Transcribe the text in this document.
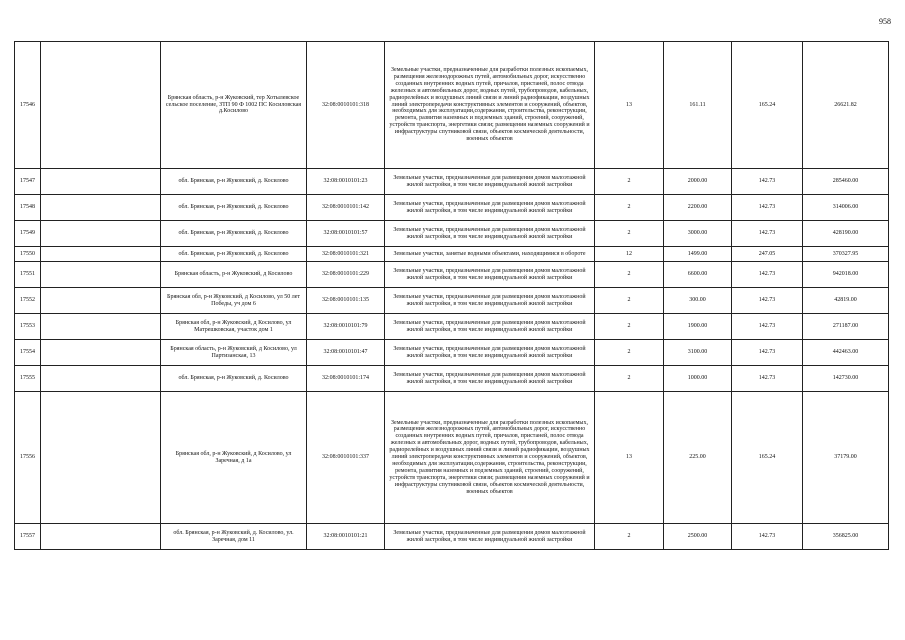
958
17546		Брянская область, р-н Жуковский, тер Хотылевское сельское поселение, ЗТП 90 Ф 1002 ПС Косиловская д.Косилово	32:08:0010101:318	Земельные участки, предназначенные для разработки полезных ископаемых, размещения железнодорожных путей, автомобильных дорог, искусственно созданных внутренних водных путей, причалов, пристаней, полос отвода железных и автомобильных дорог, водных путей, трубопроводов, кабельных, радиорелейных и воздушных линий связи и линий радиофикации, воздушных линий электропередачи конструктивных элементов и сооружений, объектов, необходимых для эксплуатации,содержания, строительства, реконструкции, ремонта, развития наземных и подземных зданий, строений, сооружений, устройств транспорта, энергетики связи; размещения наземных сооружений и инфраструктуры спутниковой связи, объектов космической деятельности, военных объектов	13	161.11	165.24	26621.82
17547		обл. Брянская, р-н Жуковский, д. Косилово	32:08:0010101:23	Земельные участки, предназначенные для размещения домов малоэтажной жилой застройки, в том числе индивидуальной жилой застройки	2	2000.00	142.73	285460.00
17548		обл. Брянская, р-н Жуковский, д. Косилово	32:08:0010101:142	Земельные участки, предназначенные для размещения домов малоэтажной жилой застройки, в том числе индивидуальной жилой застройки	2	2200.00	142.73	314006.00
17549		обл. Брянская, р-н Жуковский, д. Косилово	32:08:0010101:57	Земельные участки, предназначенные для размещения домов малоэтажной жилой застройки, в том числе индивидуальной жилой застройки	2	3000.00	142.73	428190.00
17550		обл. Брянская, р-н Жуковский, д. Косилово	32:08:0010101:321	Земельные участки, занятые водными объектами, находящимися в обороте	12	1499.00	247.05	370327.95
17551		Брянская область, р-н Жуковский, д Косилово	32:08:0010101:229	Земельные участки, предназначенные для размещения домов малоэтажной жилой застройки, в том числе индивидуальной жилой застройки	2	6600.00	142.73	942018.00
17552		Брянская обл, р-н Жуковский, д Косилово, ул 50 лет Победы, уч дом 6	32:08:0010101:135	Земельные участки, предназначенные для размещения домов малоэтажной жилой застройки, в том числе индивидуальной жилой застройки	2	300.00	142.73	42819.00
17553		Брянская обл, р-н Жуковский, д Косилово, ул Матрешковская, участок дом 1	32:08:0010101:79	Земельные участки, предназначенные для размещения домов малоэтажной жилой застройки, в том числе индивидуальной жилой застройки	2	1900.00	142.73	271187.00
17554		Брянская область, р-н Жуковский, д Косилово, ул Партизанская, 13	32:08:0010101:47	Земельные участки, предназначенные для размещения домов малоэтажной жилой застройки, в том числе индивидуальной жилой застройки	2	3100.00	142.73	442463.00
17555		обл. Брянская, р-н Жуковский, д. Косилово	32:08:0010101:174	Земельные участки, предназначенные для размещения домов малоэтажной жилой застройки, в том числе индивидуальной жилой застройки	2	1000.00	142.73	142730.00
17556		Брянская обл, р-н Жуковский, д Косилово, ул Заречная, д 1а	32:08:0010101:337	Земельные участки, предназначенные для разработки полезных ископаемых, размещения железнодорожных путей, автомобильных дорог, искусственно созданных внутренних водных путей, причалов, пристаней, полос отвода железных и автомобильных дорог, водных путей, трубопроводов, кабельных, радиорелейных и воздушных линий связи и линий радиофикации, воздушных линий электропередачи конструктивных элементов и сооружений, объектов, необходимых для эксплуатации,содержания, строительства, реконструкции, ремонта, развития наземных и подземных зданий, строений, сооружений, устройств транспорта, энергетики связи; размещения наземных сооружений и инфраструктуры спутниковой связи, объектов космической деятельности, военных объектов	13	225.00	165.24	37179.00
17557		обл. Брянская, р-н Жуковский, д. Косилово, ул. Заречная, дом 11	32:08:0010101:21	Земельные участки, предназначенные для размещения домов малоэтажной жилой застройки, в том числе индивидуальной жилой застройки	2	2500.00	142.73	356825.00
